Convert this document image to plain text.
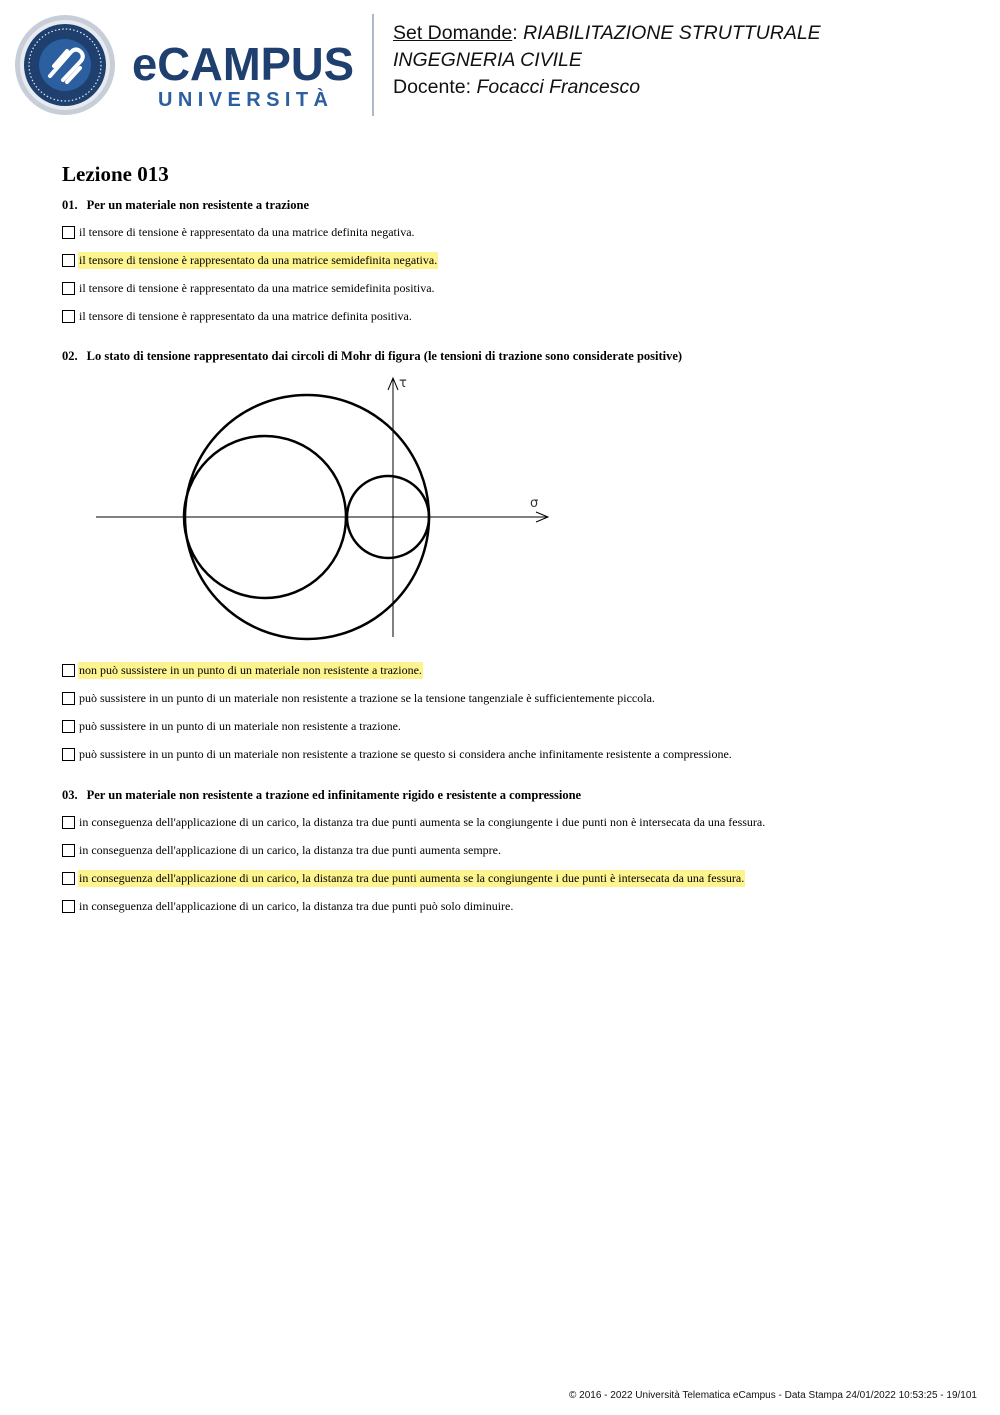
eCAMPUS
UNIVERSITÀ
Set Domande: RIABILITAZIONE STRUTTURALE
INGEGNERIA CIVILE
Docente: Focacci Francesco
Lezione 013
01. Per un materiale non resistente a trazione
il tensore di tensione è rappresentato da una matrice definita negativa.
il tensore di tensione è rappresentato da una matrice semidefinita negativa.
il tensore di tensione è rappresentato da una matrice semidefinita positiva.
il tensore di tensione è rappresentato da una matrice definita positiva.
02. Lo stato di tensione rappresentato dai circoli di Mohr di figura (le tensioni di trazione sono considerate positive)
σ
τ
non può sussistere in un punto di un materiale non resistente a trazione.
può sussistere in un punto di un materiale non resistente a trazione se la tensione tangenziale è sufficientemente piccola.
può sussistere in un punto di un materiale non resistente a trazione.
può sussistere in un punto di un materiale non resistente a trazione se questo si considera anche infinitamente resistente a compressione.
03. Per un materiale non resistente a trazione ed infinitamente rigido e resistente a compressione
in conseguenza dell'applicazione di un carico, la distanza tra due punti aumenta se la congiungente i due punti non è intersecata da una fessura.
in conseguenza dell'applicazione di un carico, la distanza tra due punti aumenta sempre.
in conseguenza dell'applicazione di un carico, la distanza tra due punti aumenta se la congiungente i due punti è intersecata da una fessura.
in conseguenza dell'applicazione di un carico, la distanza tra due punti può solo diminuire.
© 2016 - 2022 Università Telematica eCampus - Data Stampa 24/01/2022 10:53:25 - 19/101
